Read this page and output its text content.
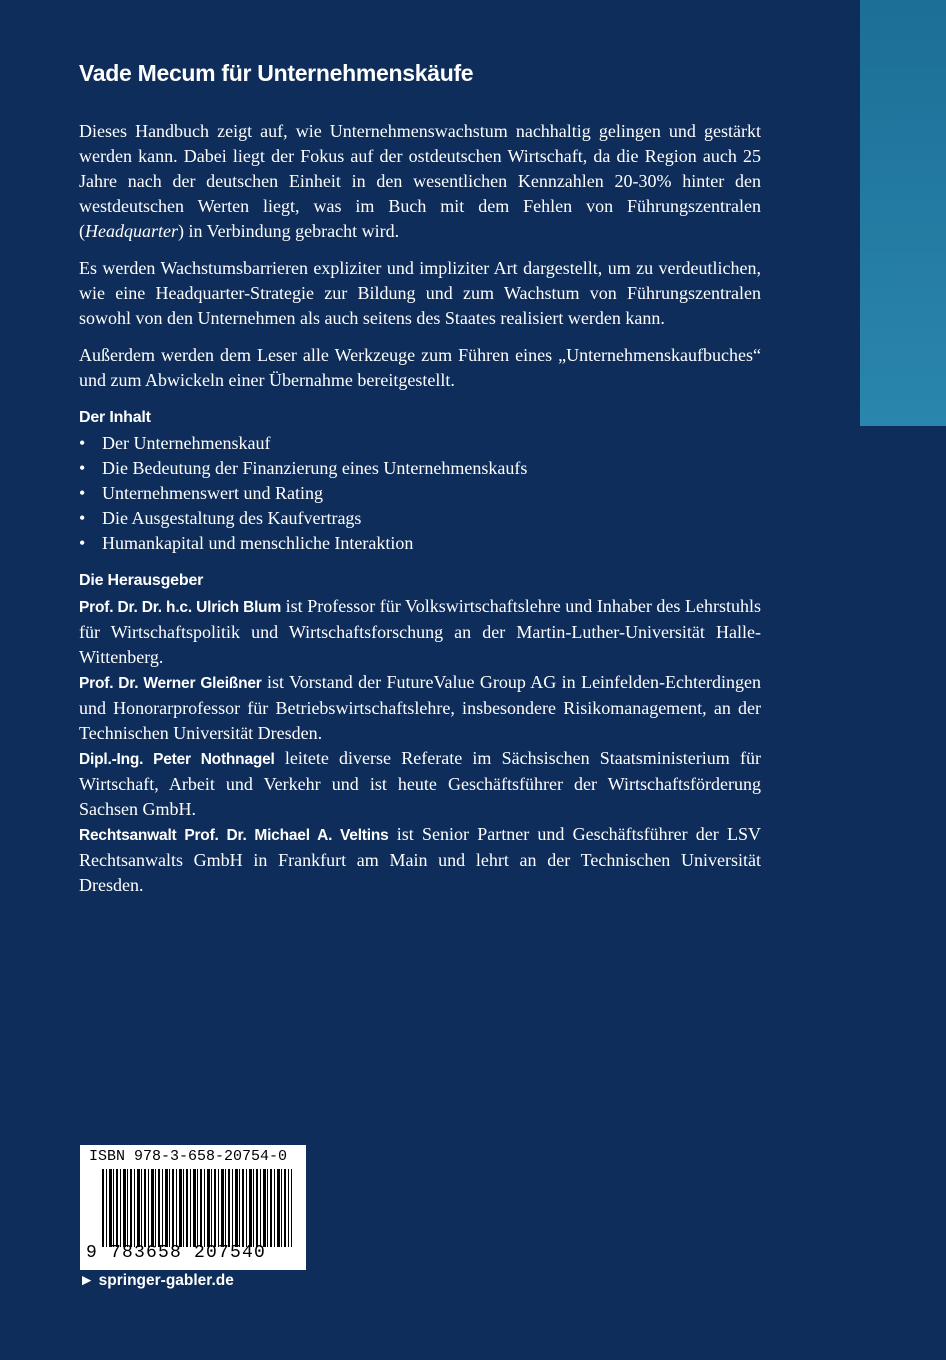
Vade Mecum für Unternehmenskäufe

Dieses Handbuch zeigt auf, wie Unternehmenswachstum nachhaltig gelingen und gestärkt werden kann. Dabei liegt der Fokus auf der ostdeutschen Wirtschaft, da die Region auch 25 Jahre nach der deutschen Einheit in den wesentlichen Kennzahlen 20-30% hinter den westdeutschen Werten liegt, was im Buch mit dem Fehlen von Führungszentralen (Headquarter) in Verbindung gebracht wird.

Es werden Wachstumsbarrieren expliziter und impliziter Art dargestellt, um zu verdeutlichen, wie eine Headquarter-Strategie zur Bildung und zum Wachstum von Führungszentralen sowohl von den Unternehmen als auch seitens des Staates realisiert werden kann.

Außerdem werden dem Leser alle Werkzeuge zum Führen eines „Unternehmenskaufbuches“ und zum Abwickeln einer Übernahme bereitgestellt.

Der Inhalt
• Der Unternehmenskauf
• Die Bedeutung der Finanzierung eines Unternehmenskaufs
• Unternehmenswert und Rating
• Die Ausgestaltung des Kaufvertrags
• Humankapital und menschliche Interaktion
Die Herausgeber

Prof. Dr. Dr. h.c. Ulrich Blum ist Professor für Volkswirtschaftslehre und Inhaber des Lehrstuhls für Wirtschaftspolitik und Wirtschaftsforschung an der Martin-Luther-Universität Halle-Wittenberg.

Prof. Dr. Werner Gleißner ist Vorstand der FutureValue Group AG in Leinfelden-Echterdingen und Honorarprofessor für Betriebswirtschaftslehre, insbesondere Risikomanagement, an der Technischen Universität Dresden.

Dipl.-Ing. Peter Nothnagel leitete diverse Referate im Sächsischen Staatsministerium für Wirtschaft, Arbeit und Verkehr und ist heute Geschäftsführer der Wirtschaftsförderung Sachsen GmbH.

Rechtsanwalt Prof. Dr. Michael A. Veltins ist Senior Partner und Geschäftsführer der LSV Rechtsanwalts GmbH in Frankfurt am Main und lehrt an der Technischen Universität Dresden.

ISBN 978-3-658-20754-0
9 783658 207540
► springer-gabler.de
